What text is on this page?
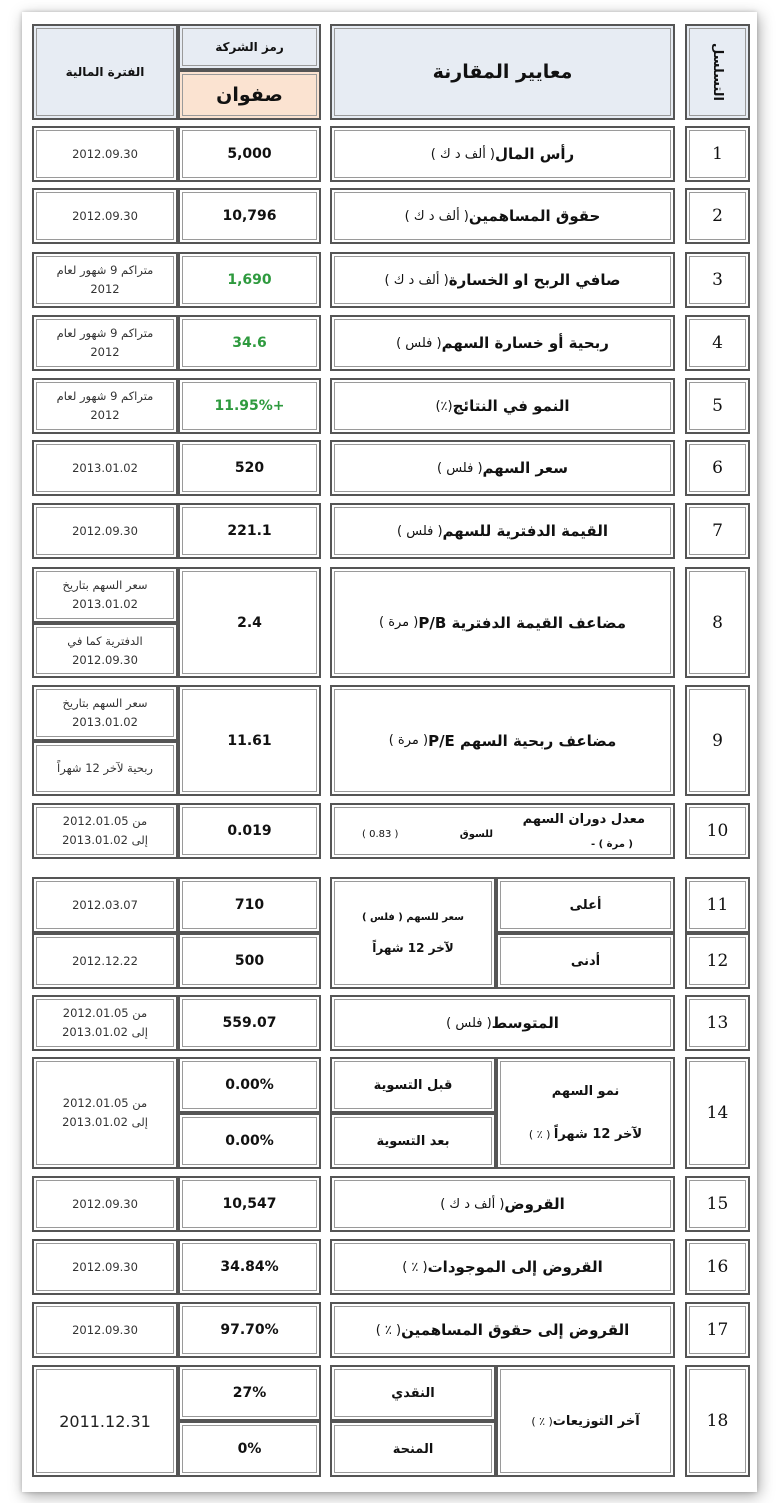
التسلسل
معايير المقارنة
رمز الشركة
صفوان
الفترة المالية
1
رأس المال
( ألف د ك )
5,000
2012.09.30
2
حقوق المساهمين
( ألف د ك )
10,796
2012.09.30
3
صافي الربح او الخسارة
( ألف د ك )
1,690
متراكم 9 شهور لعام
2012
4
ربحية أو خسارة السهم
( فلس )
34.6
متراكم 9 شهور لعام
2012
5
النمو في النتائج
(٪)
11.95%+
متراكم 9 شهور لعام
2012
6
سعر السهم
( فلس )
520
2013.01.02
7
القيمة الدفترية للسهم
( فلس )
221.1
2012.09.30
8
مضاعف القيمة الدفترية P/B
( مرة )
2.4
سعر السهم بتاريخ
2013.01.02
الدفترية كما في
2012.09.30
9
مضاعف ربحية السهم P/E
( مرة )
11.61
سعر السهم بتاريخ
2013.01.02
ربحية لآخر 12 شهراً
10
معدل دوران السهم
للسوق
( 0.83 )
( مرة ) -
0.019
من 2012.01.05
إلى 2013.01.02
11
12
أعلى
أدنى
سعر للسهم ( فلس )
لآخر 12 شهراً
710
500
2012.03.07
2012.12.22
13
المتوسط
( فلس )
559.07
من 2012.01.05
إلى 2013.01.02
14
نمو السهم
لآخر 12 شهراً ( ٪ )
قبل التسوية
بعد التسوية
0.00%
0.00%
من 2012.01.05
إلى 2013.01.02
15
القروض
( ألف د ك )
10,547
2012.09.30
16
القروض إلى الموجودات
( ٪ )
34.84%
2012.09.30
17
القروض إلى حقوق المساهمين
( ٪ )
97.70%
2012.09.30
18
آخر التوزيعات
( ٪ )
النقدي
المنحة
27%
0%
2011.12.31
